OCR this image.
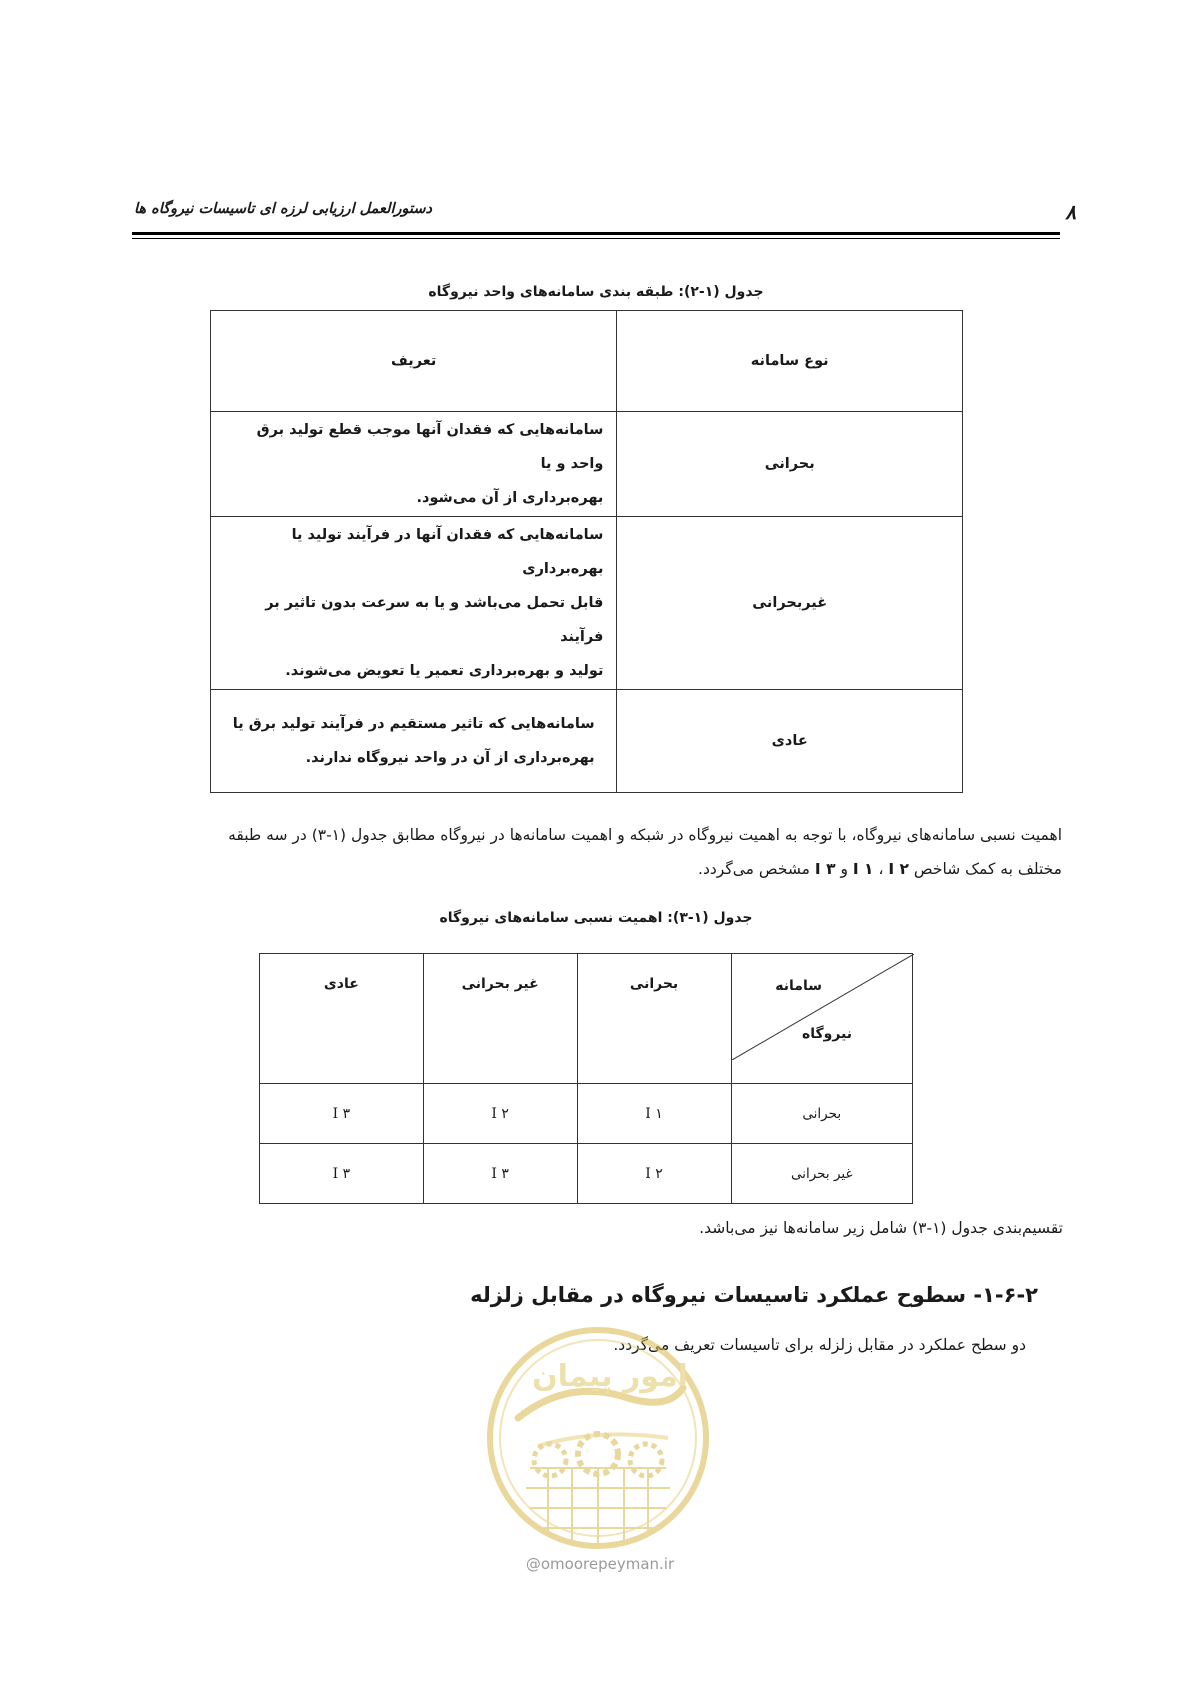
۸
دستورالعمل ارزیابی لرزه ای تاسیسات نیروگاه ها
جدول (۱-۲): طبقه بندی سامانه‌های واحد نیروگاه
نوع سامانه	تعریف
بحرانی	سامانه‌هایی که فقدان آنها موجب قطع تولید برق واحد و یا
بهره‌برداری از آن می‌شود.
غیربحرانی	سامانه‌هایی که فقدان آنها در فرآیند تولید یا بهره‌برداری
قابل تحمل می‌باشد و یا به سرعت بدون تاثیر بر فرآیند
تولید و بهره‌برداری تعمیر یا تعویض می‌شوند.
عادی	سامانه‌هایی که تاثیر مستقیم در فرآیند تولید برق یا
بهره‌برداری از آن در واحد نیروگاه ندارند.
اهمیت نسبی سامانه‌های نیروگاه، با توجه به اهمیت نیروگاه در شبکه و اهمیت سامانه‌ها در نیروگاه مطابق جدول (۱-۳) در سه طبقه
مختلف به کمک شاخص I ۱ ، I ۲ و I ۳ مشخص می‌گردد.
جدول (۱-۳): اهمیت نسبی سامانه‌های نیروگاه
سامانه
نیروگاه	بحرانی	غیر بحرانی	عادی
بحرانی	I ۱	I ۲	I ۳
غیر بحرانی	I ۲	I ۳	I ۳
تقسیم‌بندی جدول (۱-۳) شامل زیر سامانه‌ها نیز می‌باشد.
۱-۶-۲- سطوح عملکرد تاسیسات نیروگاه در مقابل زلزله
دو سطح عملکرد در مقابل زلزله برای تاسیسات تعریف می‌گردد.
امور پیمان
@omoorepeyman.ir
